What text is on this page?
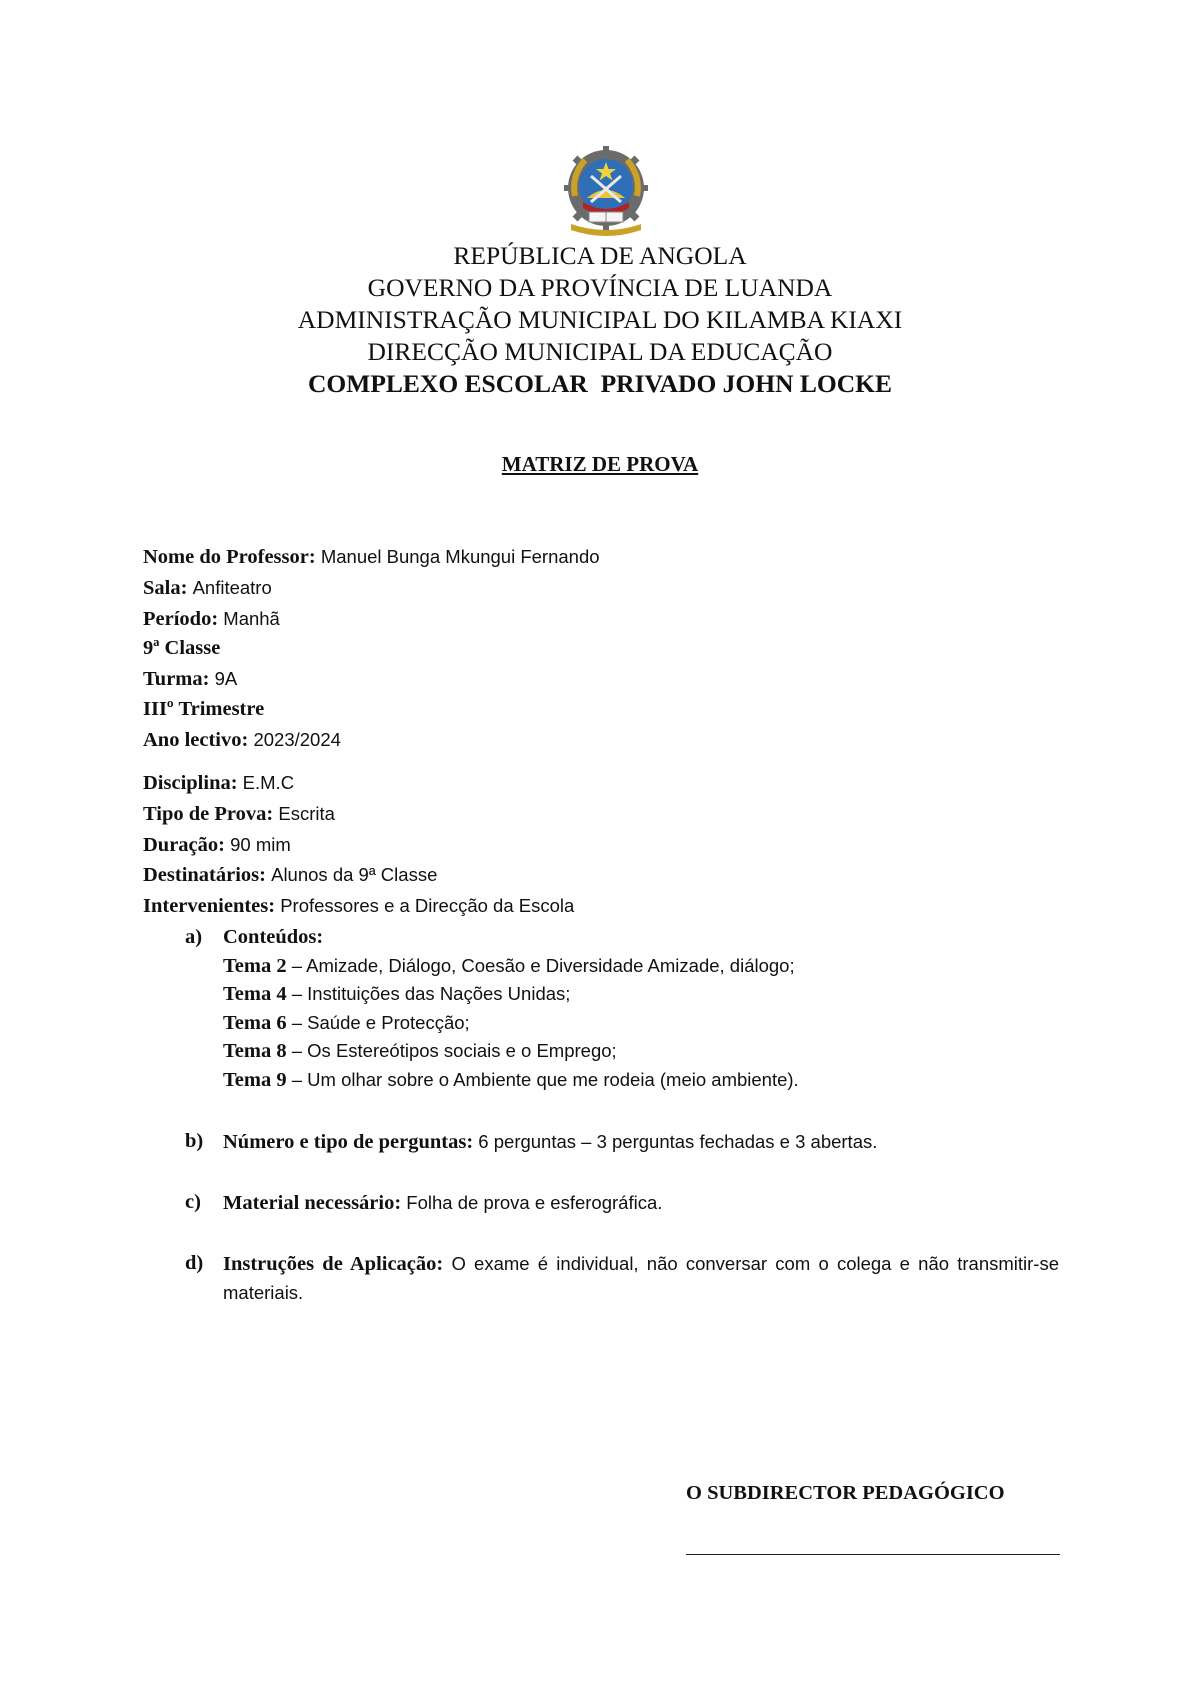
REPÚBLICA DE ANGOLA
GOVERNO DA PROVÍNCIA DE LUANDA
ADMINISTRAÇÃO MUNICIPAL DO KILAMBA KIAXI
DIRECÇÃO MUNICIPAL DA EDUCAÇÃO
COMPLEXO ESCOLAR  PRIVADO JOHN LOCKE
MATRIZ DE PROVA
Nome do Professor: Manuel Bunga Mkungui Fernando
Sala: Anfiteatro
Período: Manhã
9ª Classe
Turma: 9A
IIIº Trimestre
Ano lectivo: 2023/2024
Disciplina: E.M.C
Tipo de Prova: Escrita
Duração: 90 mim
Destinatários: Alunos da 9ª Classe
Intervenientes: Professores e a Direcção da Escola
a) Conteúdos:
Tema 2 – Amizade, Diálogo, Coesão e Diversidade Amizade, diálogo;
Tema 4 – Instituições das Nações Unidas;
Tema 6 – Saúde e Protecção;
Tema 8 – Os Estereótipos sociais e o Emprego;
Tema 9 – Um olhar sobre o Ambiente que me rodeia (meio ambiente).
b) Número e tipo de perguntas: 6 perguntas – 3 perguntas fechadas e 3 abertas.
c) Material necessário: Folha de prova e esferográfica.
d) Instruções de Aplicação: O exame é individual, não conversar com o colega e não transmitir-se materiais.
O SUBDIRECTOR PEDAGÓGICO
